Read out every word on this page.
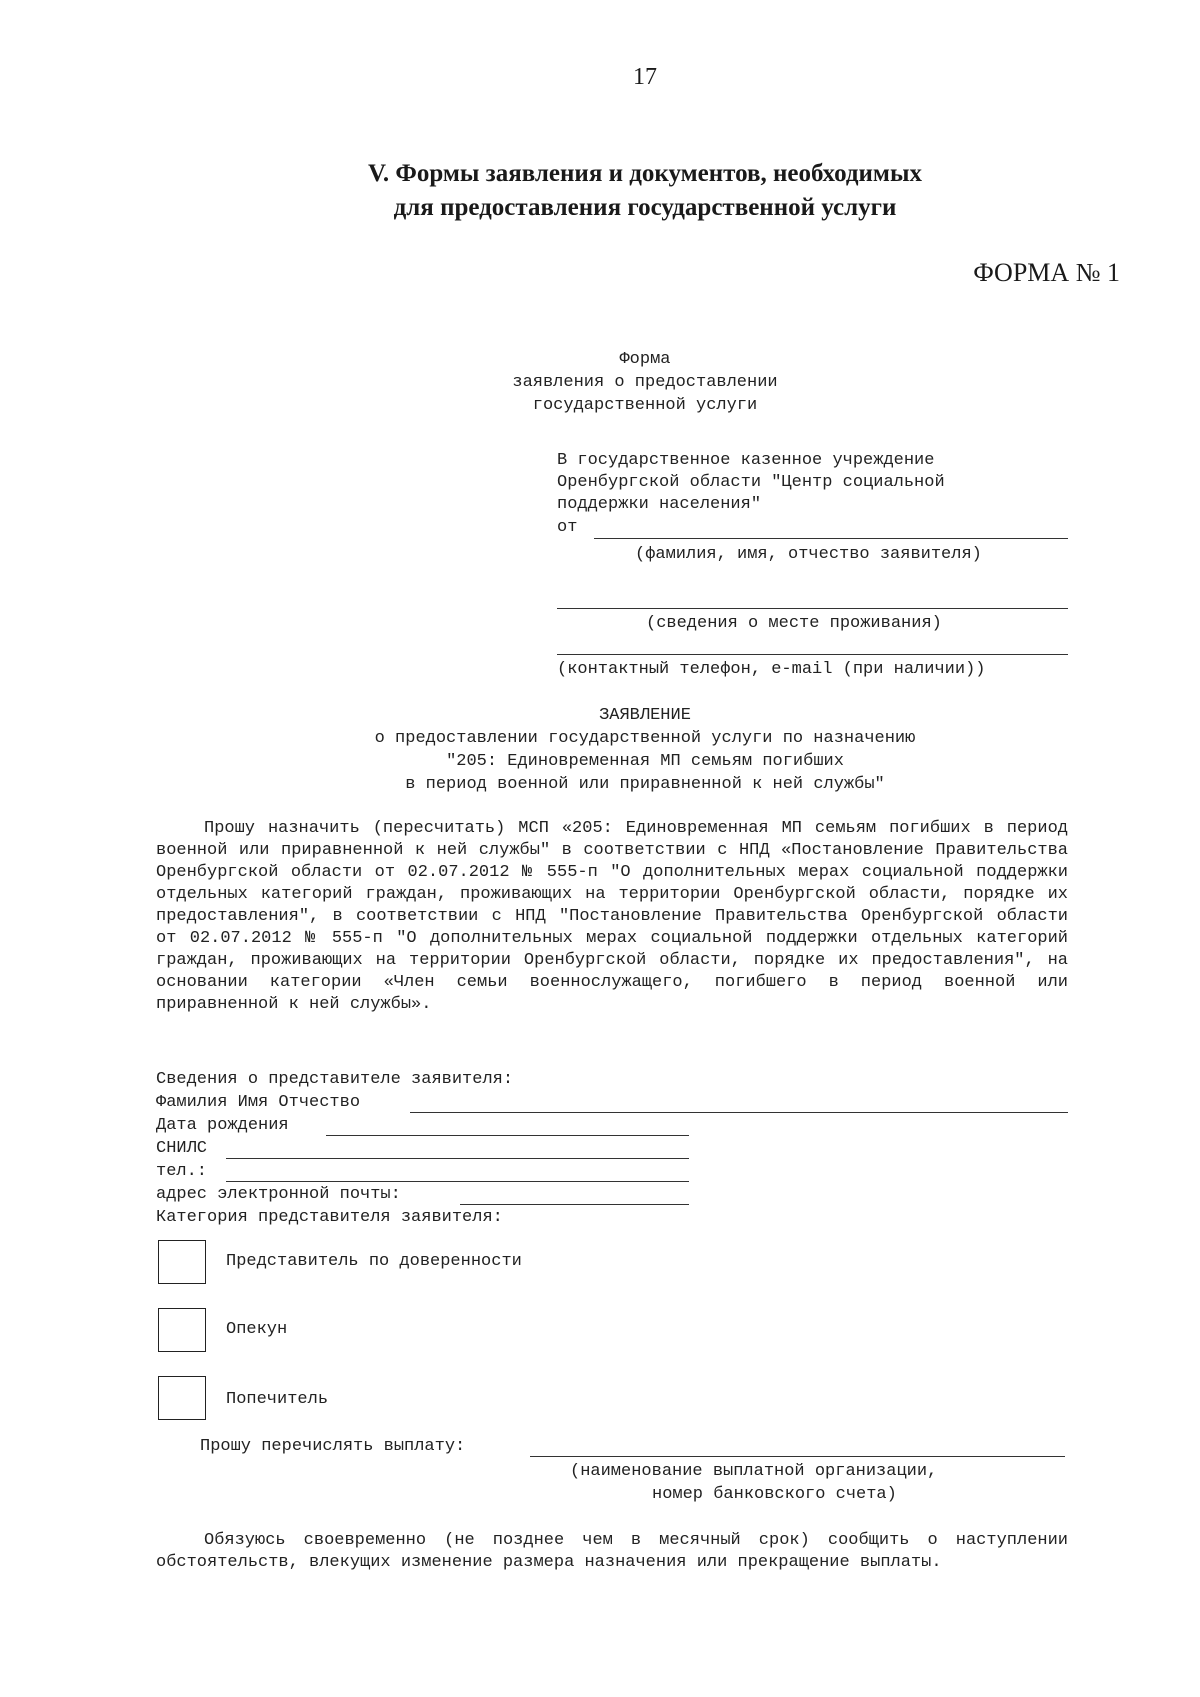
17
V. Формы заявления и документов, необходимых
для предоставления государственной услуги
ФОРМА № 1
Форма
заявления о предоставлении
государственной услуги
В государственное казенное учреждение
Оренбургской области "Центр социальной
поддержки населения"
от
(фамилия, имя, отчество заявителя)
(сведения о месте проживания)
(контактный телефон, e-mail (при наличии))
ЗАЯВЛЕНИЕ
о предоставлении государственной услуги по назначению
"205: Единовременная МП семьям погибших
в период военной или приравненной к ней службы"

Прошу назначить (пересчитать) МСП «205: Единовременная МП семьям погибших в период военной или приравненной к ней службы" в соответствии с НПД «Постановление Правительства Оренбургской области от 02.07.2012 № 555-п "О дополнительных мерах социальной поддержки отдельных категорий граждан, проживающих на территории Оренбургской области, порядке их предоставления", в соответствии с НПД "Постановление Правительства Оренбургской области от 02.07.2012 № 555-п "О дополнительных мерах социальной поддержки отдельных категорий граждан, проживающих на территории Оренбургской области, порядке их предоставления", на основании категории «Член семьи военнослужащего, погибшего в период военной или приравненной к ней службы».

Сведения о представителе заявителя:
Фамилия Имя Отчество
Дата рождения
СНИЛС
тел.:
адрес электронной почты:
Категория представителя заявителя:
Представитель по доверенности
Опекун
Попечитель
Прошу перечислять выплату:
(наименование выплатной организации,
номер банковского счета)

Обязуюсь своевременно (не позднее чем в месячный срок) сообщить о наступлении обстоятельств, влекущих изменение размера назначения или прекращение выплаты.
